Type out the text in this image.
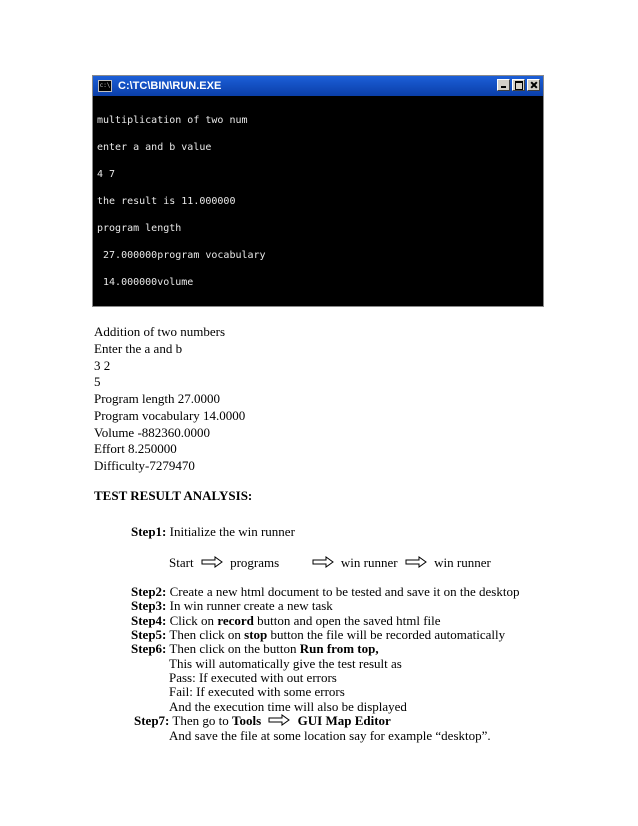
c:\ C:\TC\BIN\RUN.EXE

multiplication of two num

enter a and b value

4 7

the result is 11.000000

program length

27.000000program vocabulary

14.000000volume

Addition of two numbers
Enter the a and b
3 2
5
Program length 27.0000
Program vocabulary 14.0000
Volume -882360.0000
Effort 8.250000
Difficulty-7279470
TEST RESULT ANALYSIS:
Step1: Initialize the win runner
Start	programs	win runner	win runner
Step2: Create a new html document to be tested and save it on the desktop
Step3: In win runner create a new task
Step4: Click on record button and open the saved html file
Step5: Then click on stop button the file will be recorded automatically
Step6: Then click on the button Run from top,
This will automatically give the test result as
Pass: If executed with out errors
Fail: If executed with some errors
And the execution time will also be displayed
Step7: Then go to Tools	GUI Map Editor
And save the file at some location say for example “desktop”.
